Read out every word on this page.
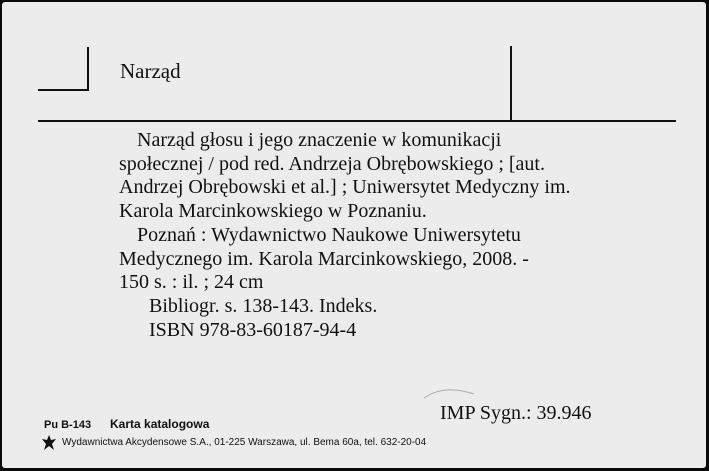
Narząd
Narząd głosu i jego znaczenie w komunikacji
społecznej / pod red. Andrzeja Obrębowskiego ; [aut.
Andrzej Obrębowski et al.] ; Uniwersytet Medyczny im.
Karola Marcinkowskiego w Poznaniu.
Poznań : Wydawnictwo Naukowe Uniwersytetu
Medycznego im. Karola Marcinkowskiego, 2008. -
150 s. : il. ; 24 cm
Bibliogr. s. 138-143. Indeks.
ISBN 978-83-60187-94-4
IMP Sygn.: 39.946
Pu B-143 Karta katalogowa
Wydawnictwa Akcydensowe S.A., 01-225 Warszawa, ul. Bema 60a, tel. 632-20-04
